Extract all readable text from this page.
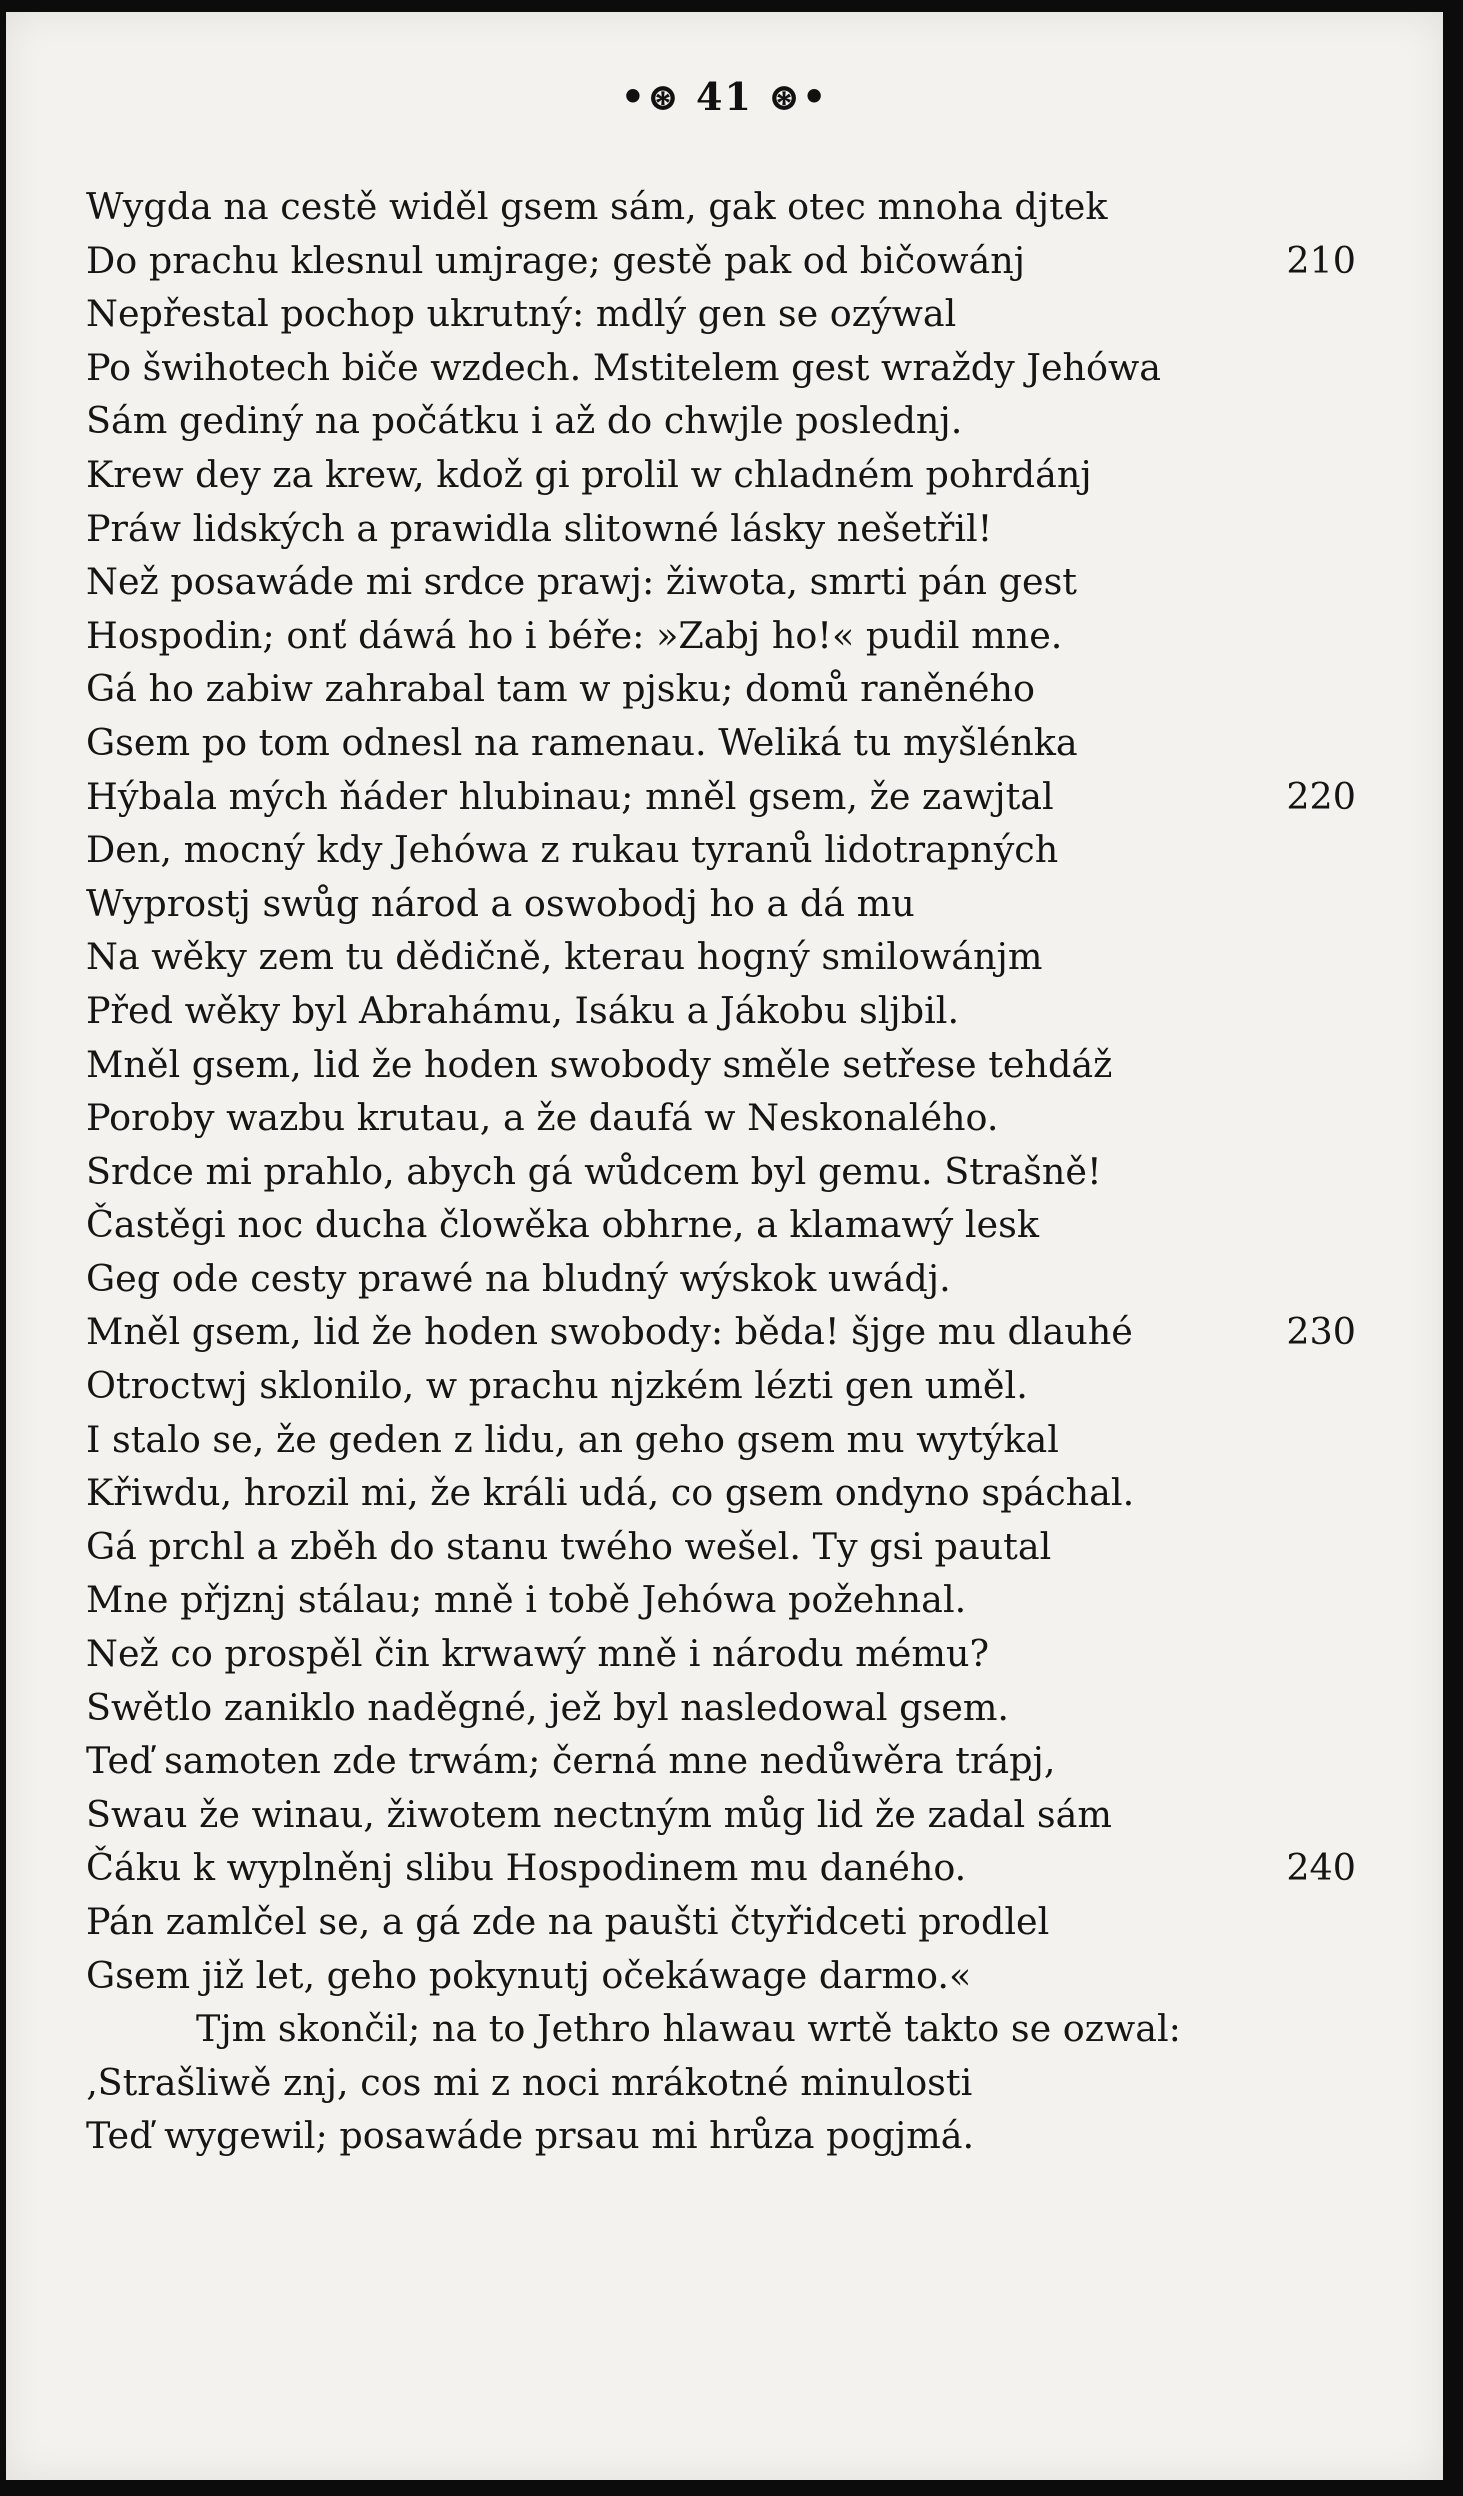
•⊛ 41 ⊛•
Wygda na cestě widěl gsem sám, gak otec mnoha djtek
Do prachu klesnul umjrage; gestě pak od bičowánj	210
Nepřestal pochop ukrutný: mdlý gen se ozýwal
Po šwihotech biče wzdech. Mstitelem gest wraždy Jehówa
Sám gediný na počátku i až do chwjle poslednj.
Krew dey za krew, kdož gi prolil w chladném pohrdánj
Práw lidských a prawidla slitowné lásky nešetřil!
Než posawáde mi srdce prawj: žiwota, smrti pán gest
Hospodin; onť dáwá ho i béře: »Zabj ho!« pudil mne.
Gá ho zabiw zahrabal tam w pjsku; domů raněného
Gsem po tom odnesl na ramenau. Weliká tu myšlénka
Hýbala mých ňáder hlubinau; mněl gsem, že zawjtal	220
Den, mocný kdy Jehówa z rukau tyranů lidotrapných
Wyprostj swůg národ a oswobodj ho a dá mu
Na wěky zem tu dědičně, kterau hogný smilowánjm
Před wěky byl Abrahámu, Isáku a Jákobu sljbil.
Mněl gsem, lid že hoden swobody směle setřese tehdáž
Poroby wazbu krutau, a že daufá w Neskonalého.
Srdce mi prahlo, abych gá wůdcem byl gemu. Strašně!
Častěgi noc ducha člowěka obhrne, a klamawý lesk
Geg ode cesty prawé na bludný wýskok uwádj.
Mněl gsem, lid že hoden swobody: běda! šjge mu dlauhé	230
Otroctwj sklonilo, w prachu njzkém lézti gen uměl.
I stalo se, že geden z lidu, an geho gsem mu wytýkal
Křiwdu, hrozil mi, že králi udá, co gsem ondyno spáchal.
Gá prchl a zběh do stanu twého wešel. Ty gsi pautal
Mne přjznj stálau; mně i tobě Jehówa požehnal.
Než co prospěl čin krwawý mně i národu mému?
Swětlo zaniklo naděgné, jež byl nasledowal gsem.
Teď samoten zde trwám; černá mne nedůwěra trápj,
Swau že winau, žiwotem nectným můg lid že zadal sám
Čáku k wyplněnj slibu Hospodinem mu daného.	240
Pán zamlčel se, a gá zde na paušti čtyřidceti prodlel
Gsem již let, geho pokynutj očekáwage darmo.«
Tjm skončil; na to Jethro hlawau wrtě takto se ozwal:
‚Strašliwě znj, cos mi z noci mrákotné minulosti
Teď wygewil; posawáde prsau mi hrůza pogjmá.
